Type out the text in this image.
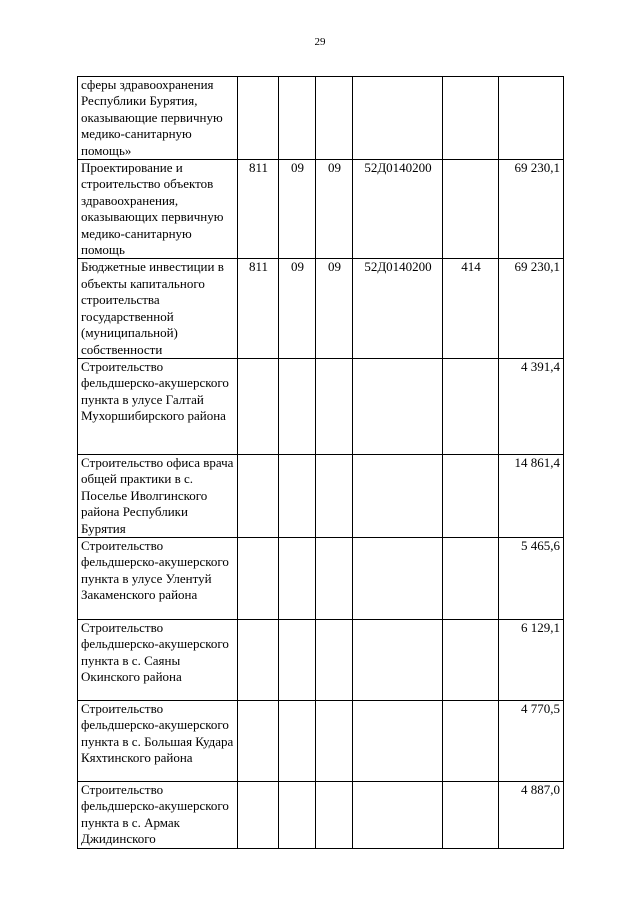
29
сферы здравоохранения Республики Бурятия, оказывающие первичную медико-санитарную помощь»						
Проектирование и строительство объектов здравоохранения, оказывающих первичную медико-санитарную помощь	811	09	09	52Д0140200		69 230,1
Бюджетные инвестиции в объекты капитального строительства государственной (муниципальной) собственности	811	09	09	52Д0140200	414	69 230,1
Строительство фельдшерско-акушерского пункта в улусе Галтай Мухоршибирского района						4 391,4
Строительство офиса врача общей практики в с. Поселье Иволгинского района Республики Бурятия						14 861,4
Строительство фельдшерско-акушерского пункта в улусе Улентуй Закаменского района						5 465,6
Строительство фельдшерско-акушерского пункта в с. Саяны Окинского района						6 129,1
Строительство фельдшерско-акушерского пункта в с. Большая Кудара Кяхтинского района						4 770,5
Строительство фельдшерско-акушерского пункта в с. Армак Джидинского						4 887,0
